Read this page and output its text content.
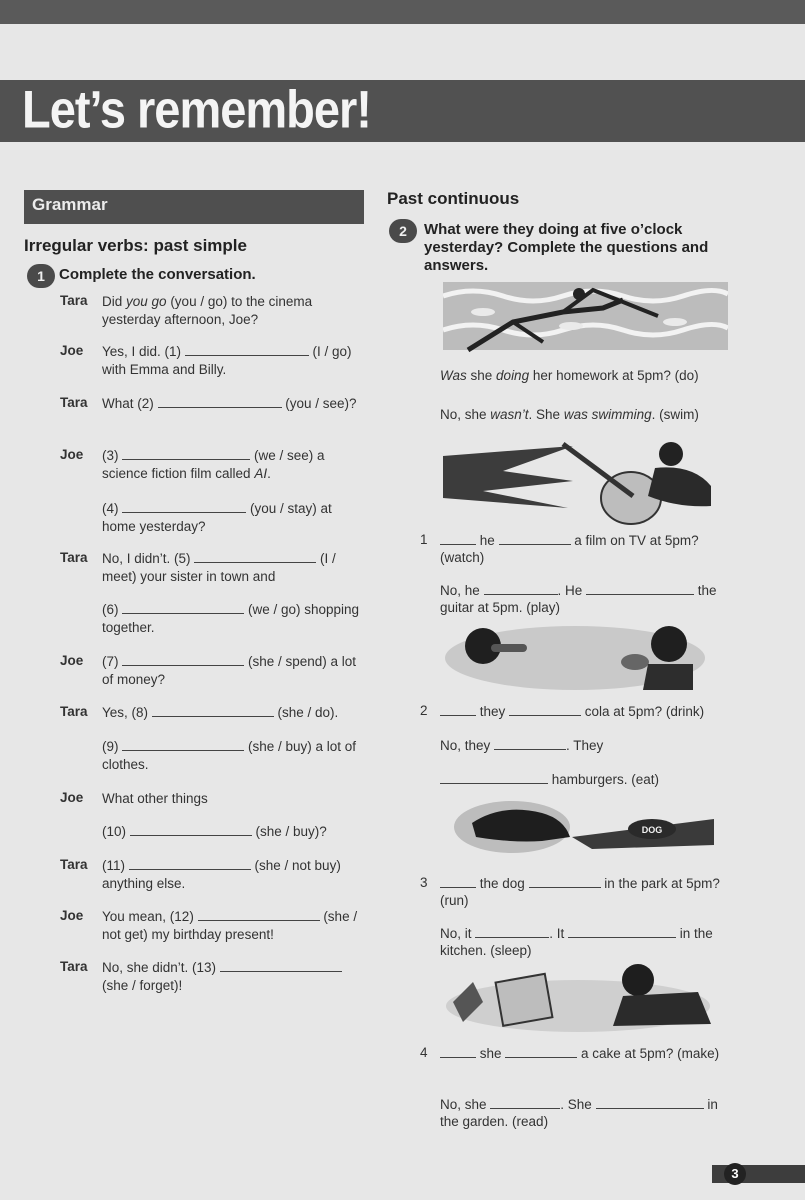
Let’s remember!
Grammar
Irregular verbs: past simple
1 Complete the conversation.
Tara Did you go (you / go) to the cinema yesterday afternoon, Joe?
Joe Yes, I did. (1)	(I / go) with Emma and Billy.
Tara What (2)	(you / see)?
Joe (3)	(we / see) a science fiction film called AI.
(4)	(you / stay) at home yesterday?
Tara No, I didn’t. (5)	(I / meet) your sister in town and
(6)	(we / go) shopping together.
Joe (7)	(she / spend) a lot of money?
Tara Yes, (8)	(she / do).
(9)	(she / buy) a lot of clothes.
Joe What other things
(10)	(she / buy)?
Tara (11)	(she / not buy) anything else.
Joe You mean, (12)	(she / not get) my birthday present!
Tara No, she didn’t. (13)  (she / forget)!
Past continuous
2	What were they doing at five o’clock yesterday? Complete the questions and answers.
Was she doing her homework at 5pm? (do)
No, she wasn’t. She was swimming. (swim)
1	he	a film on TV at 5pm? (watch)
No, he	. He	the guitar at 5pm. (play)
2	they	cola at 5pm? (drink)
No, they	. They
hamburgers. (eat)
DOG
3	the dog	in the park at 5pm? (run)
No, it	. It	in the kitchen. (sleep)
4	she	a cake at 5pm? (make)
No, she	. She	in the garden. (read)
3
